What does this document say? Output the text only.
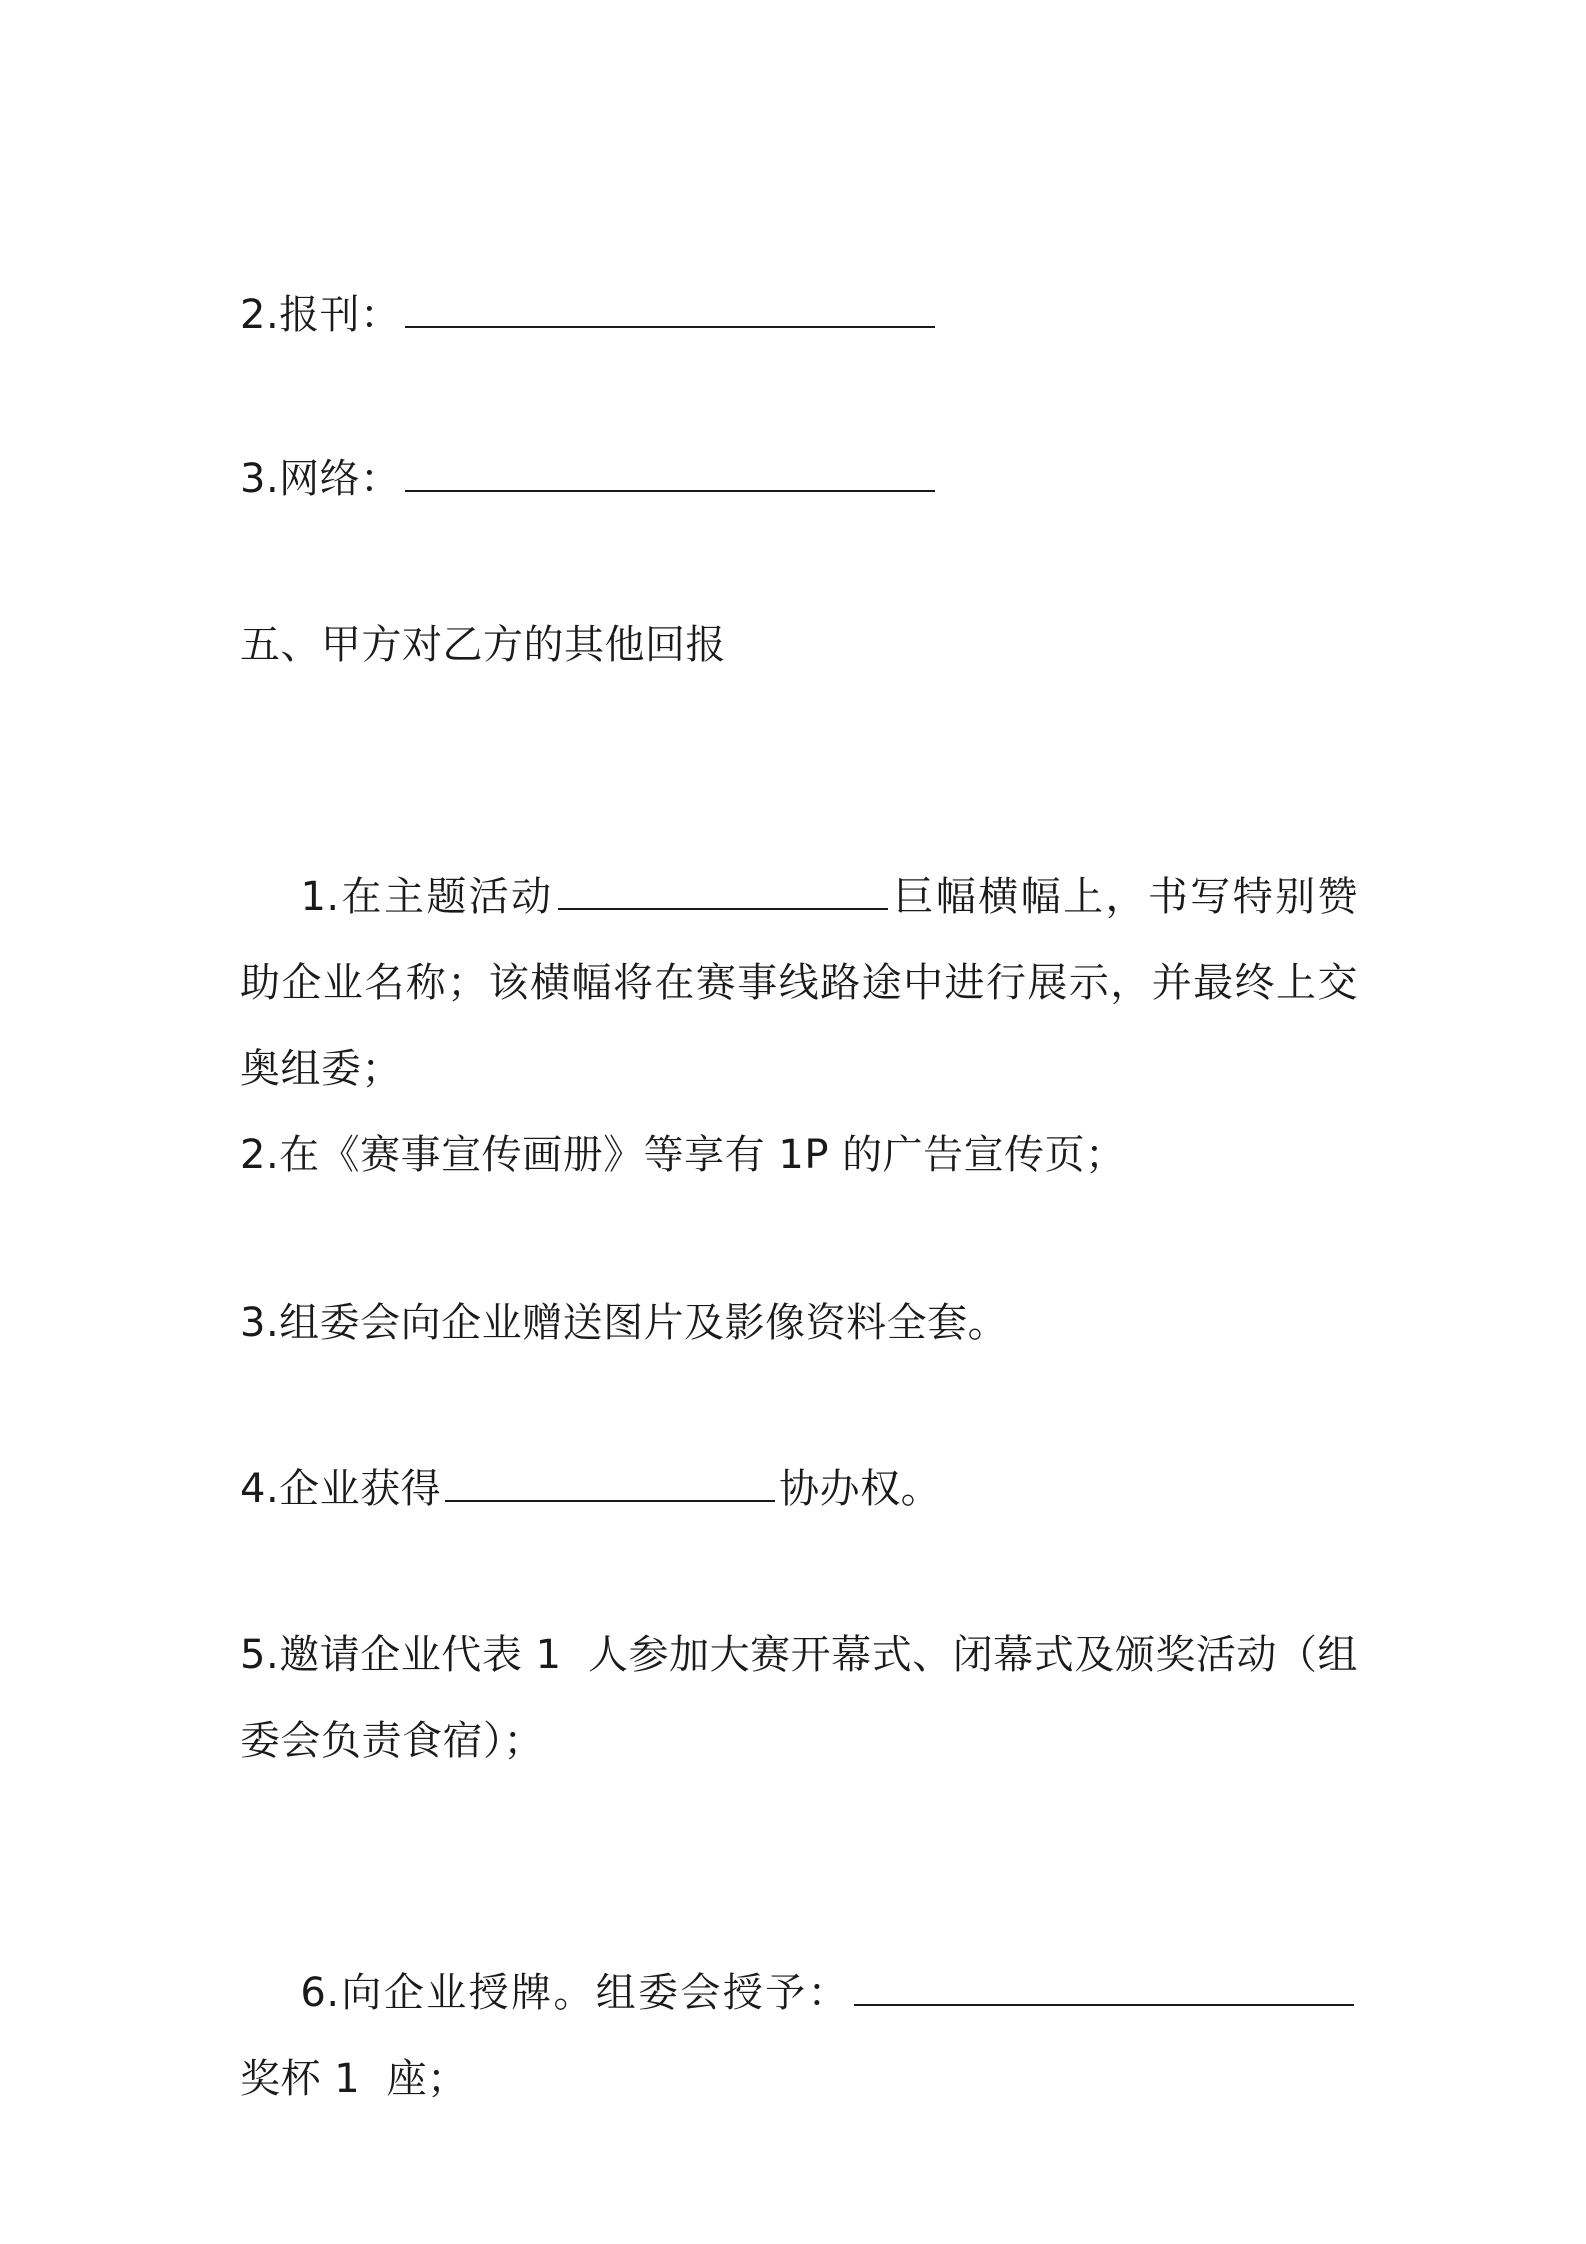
2.报刊：

3.网络：

五、甲方对乙方的其他回报

1.在主题活动	巨幅横幅上，书写特别赞助企业名称；该横幅将在赛事线路途中进行展示，并最终上交奥组委；

2.在《赛事宣传画册》等享有 1P 的广告宣传页；

3.组委会向企业赠送图片及影像资料全套。

4.企业获得	协办权。

5.邀请企业代表 1  人参加大赛开幕式、闭幕式及颁奖活动（组委会负责食宿）；

6.向企业授牌。组委会授予：	奖杯 1  座；
